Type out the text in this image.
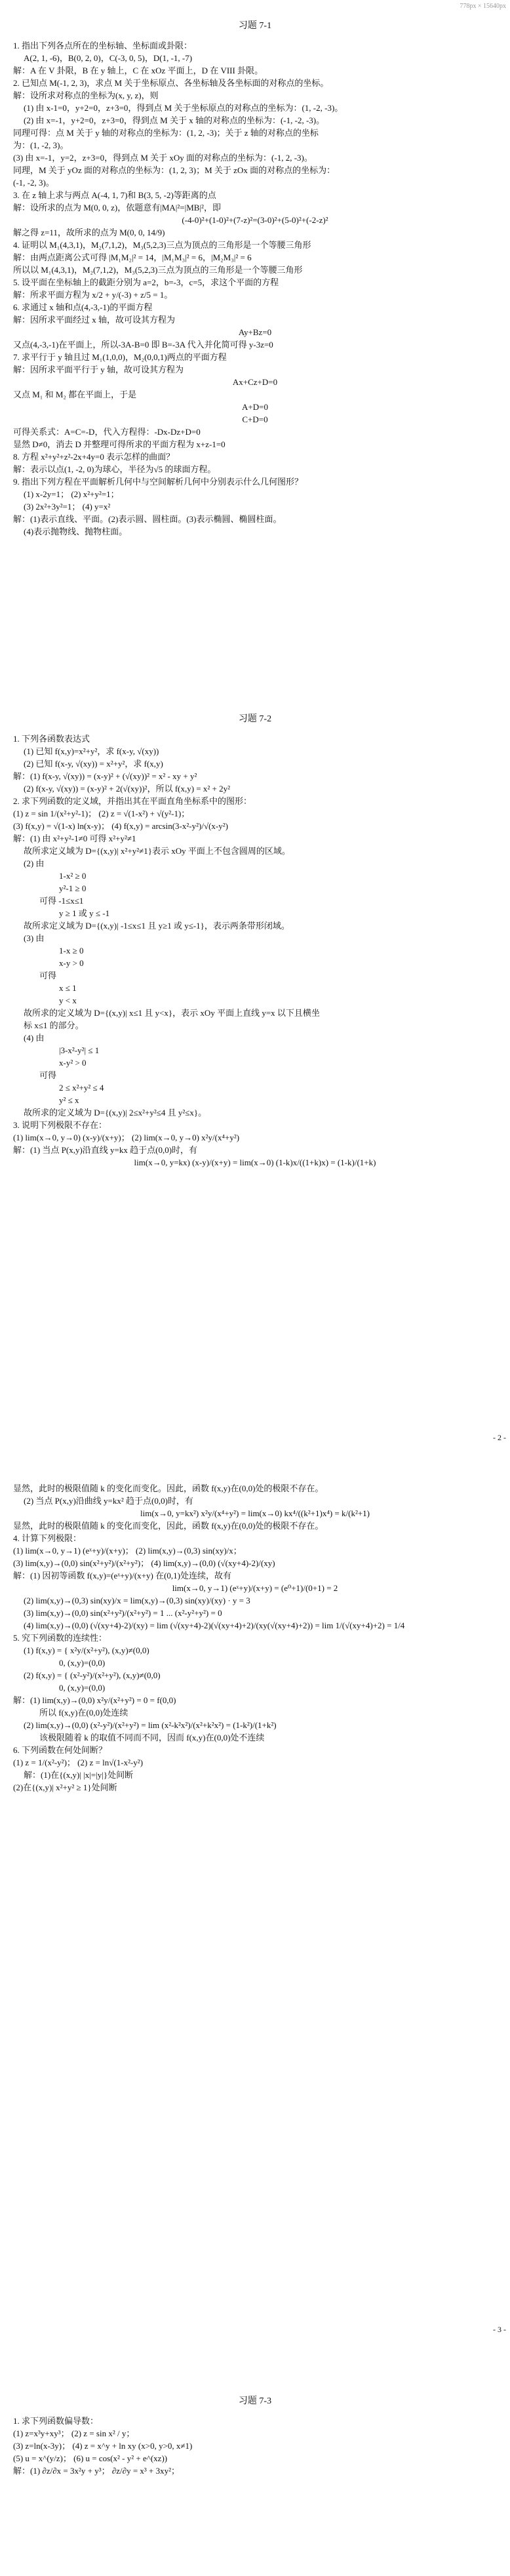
778px × 15640px
习题 7-1
1. 指出下列各点所在的坐标轴、坐标面或卦限：
A(2, 1, -6)，B(0, 2, 0)，C(-3, 0, 5)，D(1, -1, -7)
解：A 在 V 卦限，B 在 y 轴上，C 在 xOz 平面上，D 在 VIII 卦限。
2. 已知点 M(-1, 2, 3)，求点 M 关于坐标原点、各坐标轴及各坐标面的对称点的坐标。
解：设所求对称点的坐标为(x, y, z)，则
(1) 由 x-1=0，y+2=0，z+3=0，得到点 M 关于坐标原点的对称点的坐标为：(1, -2, -3)。
(2) 由 x=-1，y+2=0，z+3=0，得到点 M 关于 x 轴的对称点的坐标为：(-1, -2, -3)。
同理可得：点 M 关于 y 轴的对称点的坐标为：(1, 2, -3)；关于 z 轴的对称点的坐标
为：(1, -2, 3)。
(3) 由 x=-1，y=2，z+3=0，得到点 M 关于 xOy 面的对称点的坐标为：(-1, 2, -3)。
同理，M 关于 yOz 面的对称点的坐标为：(1, 2, 3)；M 关于 zOx 面的对称点的坐标为：
(-1, -2, 3)。
3. 在 z 轴上求与两点 A(-4, 1, 7)和 B(3, 5, -2)等距离的点
解：设所求的点为 M(0, 0, z)，依题意有|MA|²=|MB|²，即
(-4-0)²+(1-0)²+(7-z)²=(3-0)²+(5-0)²+(-2-z)²
解之得 z=11，故所求的点为 M(0, 0, 14/9)
4. 证明以 M₁(4,3,1)，M₂(7,1,2)，M₃(5,2,3)三点为顶点的三角形是一个等腰三角形
解：由两点距离公式可得 |M₁M₂|² = 14，|M₁M₃|² = 6，|M₂M₃|² = 6
所以以 M₁(4,3,1)，M₂(7,1,2)，M₃(5,2,3)三点为顶点的三角形是一个等腰三角形
5. 设平面在坐标轴上的截距分别为 a=2，b=-3，c=5，求这个平面的方程
解：所求平面方程为 x/2 + y/(-3) + z/5 = 1。
6. 求通过 x 轴和点(4,-3,-1)的平面方程
解：因所求平面经过 x 轴，故可设其方程为
Ay+Bz=0
又点(4,-3,-1)在平面上，所以-3A-B=0 即 B=-3A 代入并化简可得 y-3z=0
7. 求平行于 y 轴且过 M₁(1,0,0)，M₂(0,0,1)两点的平面方程
解：因所求平面平行于 y 轴，故可设其方程为
Ax+Cz+D=0
又点 M₁ 和 M₂ 都在平面上，于是
A+D=0
C+D=0
可得关系式：A=C=-D，代入方程得：-Dx-Dz+D=0
显然 D≠0，消去 D 并整理可得所求的平面方程为 x+z-1=0
8. 方程 x²+y²+z²-2x+4y=0 表示怎样的曲面？
解：表示以点(1, -2, 0)为球心，半径为√5 的球面方程。
9. 指出下列方程在平面解析几何中与空间解析几何中分别表示什么几何图形？
(1) x-2y=1； (2) x²+y²=1；
(3) 2x²+3y²=1； (4) y=x²
解：(1)表示直线、平面。(2)表示圆、圆柱面。(3)表示椭圆、椭圆柱面。
(4)表示抛物线、抛物柱面。
习题 7-2
1. 下列各函数表达式
(1) 已知 f(x,y)=x²+y²，求 f(x-y, √(xy))
(2) 已知 f(x-y, √(xy)) = x²+y²，求 f(x,y)
解：(1) f(x-y, √(xy)) = (x-y)² + (√(xy))² = x² - xy + y²
(2) f(x-y, √(xy)) = (x-y)² + 2(√(xy))²，所以 f(x,y) = x² + 2y²
2. 求下列函数的定义域，并指出其在平面直角坐标系中的图形：
(1) z = sin 1/(x²+y²-1)； (2) z = √(1-x²) + √(y²-1)；
(3) f(x,y) = √(1-x) ln(x-y)； (4) f(x,y) = arcsin(3-x²-y²)/√(x-y²)
解：(1) 由 x²+y²-1≠0 可得 x²+y²≠1
故所求定义域为 D={(x,y)| x²+y²≠1}表示 xOy 平面上不包含圆周的区域。
(2) 由
1-x² ≥ 0
y²-1 ≥ 0
可得 -1≤x≤1
y ≥ 1 或 y ≤ -1
故所求定义域为 D={(x,y)| -1≤x≤1 且 y≥1 或 y≤-1}，表示两条带形闭域。
(3) 由
1-x ≥ 0
x-y > 0
可得
x ≤ 1
y < x
故所求的定义域为 D={(x,y)| x≤1 且 y<x}，表示 xOy 平面上直线 y=x 以下且横坐
标 x≤1 的部分。
(4) 由
|3-x²-y²| ≤ 1
x-y² > 0
可得
2 ≤ x²+y² ≤ 4
y² ≤ x
故所求的定义域为 D={(x,y)| 2≤x²+y²≤4 且 y²≤x}。
3. 说明下列极限不存在：
(1) lim(x→0, y→0) (x-y)/(x+y)； (2) lim(x→0, y→0) x²y/(x⁴+y²)
解：(1) 当点 P(x,y)沿直线 y=kx 趋于点(0,0)时，有
lim(x→0, y=kx) (x-y)/(x+y) = lim(x→0) (1-k)x/((1+k)x) = (1-k)/(1+k)
- 2 -
显然，此时的极限值随 k 的变化而变化。因此，函数 f(x,y)在(0,0)处的极限不存在。
(2) 当点 P(x,y)沿曲线 y=kx² 趋于点(0,0)时，有
lim(x→0, y=kx²) x²y/(x⁴+y²) = lim(x→0) kx⁴/((k²+1)x⁴) = k/(k²+1)
显然，此时的极限值随 k 的变化而变化，因此，函数 f(x,y)在(0,0)处的极限不存在。
4. 计算下列极限：
(1) lim(x→0, y→1) (eˣ+y)/(x+y)； (2) lim(x,y)→(0,3) sin(xy)/x；
(3) lim(x,y)→(0,0) sin(x²+y²)/(x²+y²)； (4) lim(x,y)→(0,0) (√(xy+4)-2)/(xy)
解：(1) 因初等函数 f(x,y)=(eˣ+y)/(x+y) 在(0,1)处连续，故有
lim(x→0, y→1) (eˣ+y)/(x+y) = (e⁰+1)/(0+1) = 2
(2) lim(x,y)→(0,3) sin(xy)/x = lim(x,y)→(0,3) sin(xy)/(xy) · y = 3
(3) lim(x,y)→(0,0) sin(x²+y²)/(x²+y²) = 1 ... (x²-y²+y²) = 0
(4) lim(x,y)→(0,0) (√(xy+4)-2)/(xy) = lim (√(xy+4)-2)(√(xy+4)+2)/(xy(√(xy+4)+2)) = lim 1/(√(xy+4)+2) = 1/4
5. 究下列函数的连续性：
(1) f(x,y) = { x²y/(x²+y²), (x,y)≠(0,0)
0, (x,y)=(0,0)
(2) f(x,y) = { (x²-y²)/(x²+y²), (x,y)≠(0,0)
0, (x,y)=(0,0)
解：(1) lim(x,y)→(0,0) x²y/(x²+y²) = 0 = f(0,0)
所以 f(x,y)在(0,0)处连续
(2) lim(x,y)→(0,0) (x²-y²)/(x²+y²) = lim (x²-k²x²)/(x²+k²x²) = (1-k²)/(1+k²)
该极限随着 k 的取值不同而不同，因而 f(x,y)在(0,0)处不连续
6. 下列函数在何处间断？
(1) z = 1/(x²-y²)； (2) z = ln√(1-x²-y²)
解：(1)在{(x,y)| |x|=|y|}处间断
(2)在{(x,y)| x²+y² ≥ 1}处间断
- 3 -
习题 7-3
1. 求下列函数偏导数：
(1) z=x³y+xy³； (2) z = sin x² / y；
(3) z=ln(x-3y)； (4) z = x^y + ln xy (x>0, y>0, x≠1)
(5) u = x^(y/z)； (6) u = cos(x² - y² + e^(xz))
解：(1) ∂z/∂x = 3x²y + y³； ∂z/∂y = x³ + 3xy²；
